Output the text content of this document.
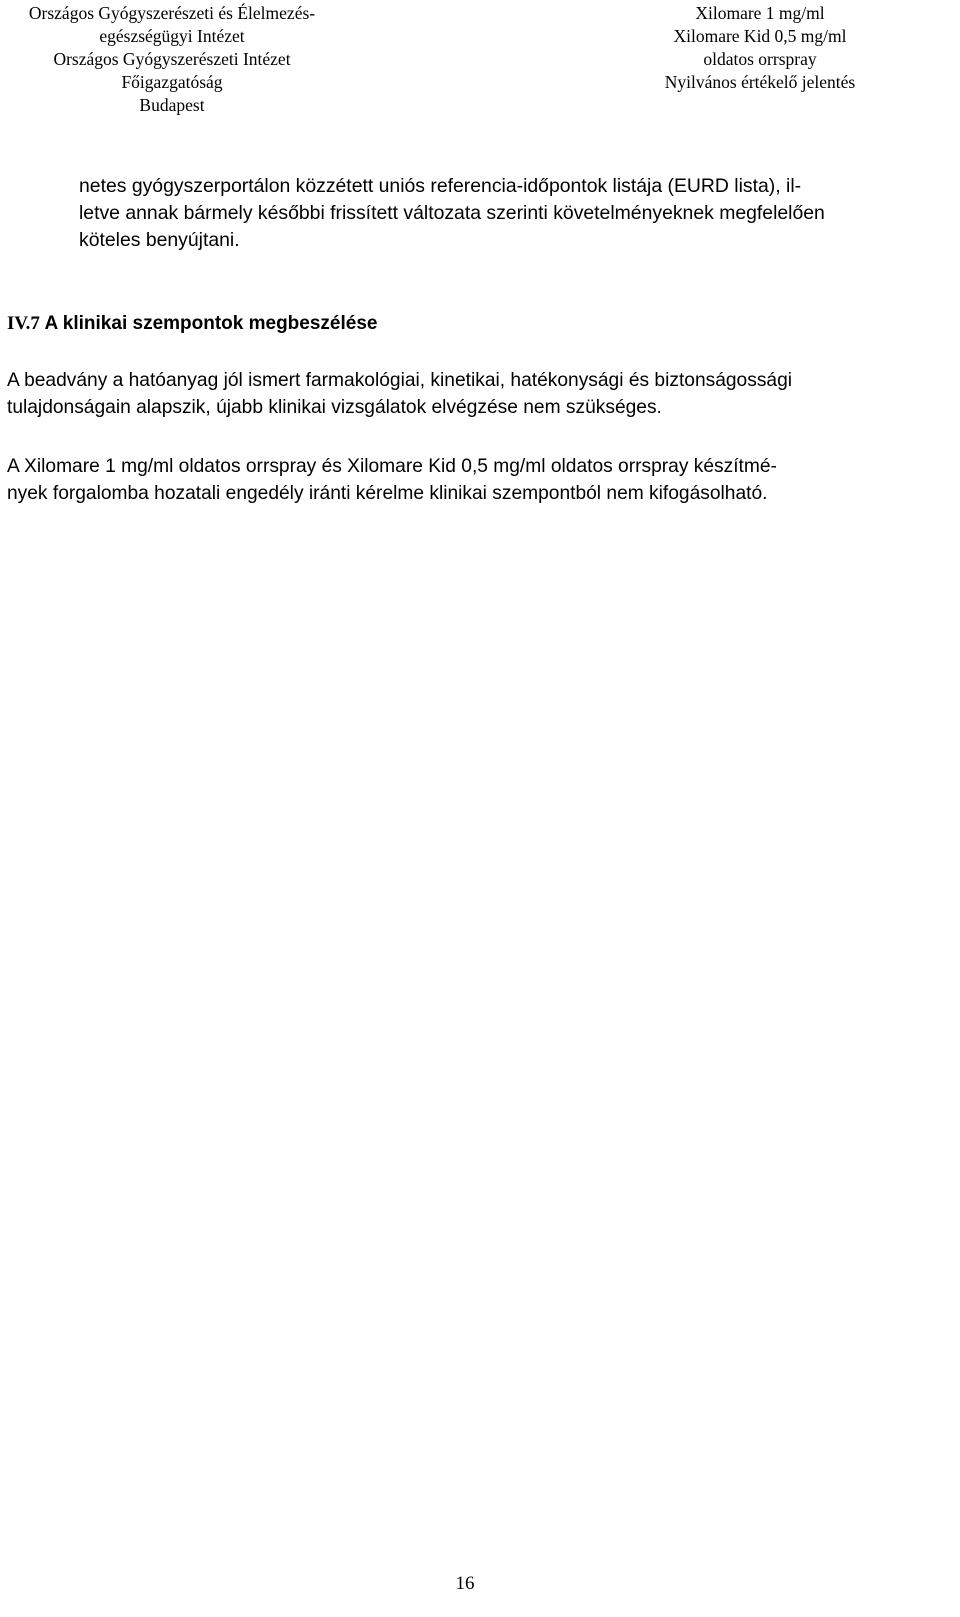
Országos Gyógyszerészeti és Élelmezés-
egészségügyi Intézet
Országos Gyógyszerészeti Intézet
Főigazgatóság
Budapest
Xilomare 1 mg/ml
Xilomare Kid 0,5 mg/ml
oldatos orrspray
Nyilvános értékelő jelentés
netes gyógyszerportálon közzétett uniós referencia-időpontok listája (EURD lista), il-
letve annak bármely későbbi frissített változata szerinti követelményeknek megfelelően
köteles benyújtani.
IV.7 A klinikai szempontok megbeszélése
A beadvány a hatóanyag jól ismert farmakológiai, kinetikai, hatékonysági és biztonságossági
tulajdonságain alapszik, újabb klinikai vizsgálatok elvégzése nem szükséges.
A Xilomare 1 mg/ml oldatos orrspray és Xilomare Kid 0,5 mg/ml oldatos orrspray készítmé-
nyek forgalomba hozatali engedély iránti kérelme klinikai szempontból nem kifogásolható.
16
